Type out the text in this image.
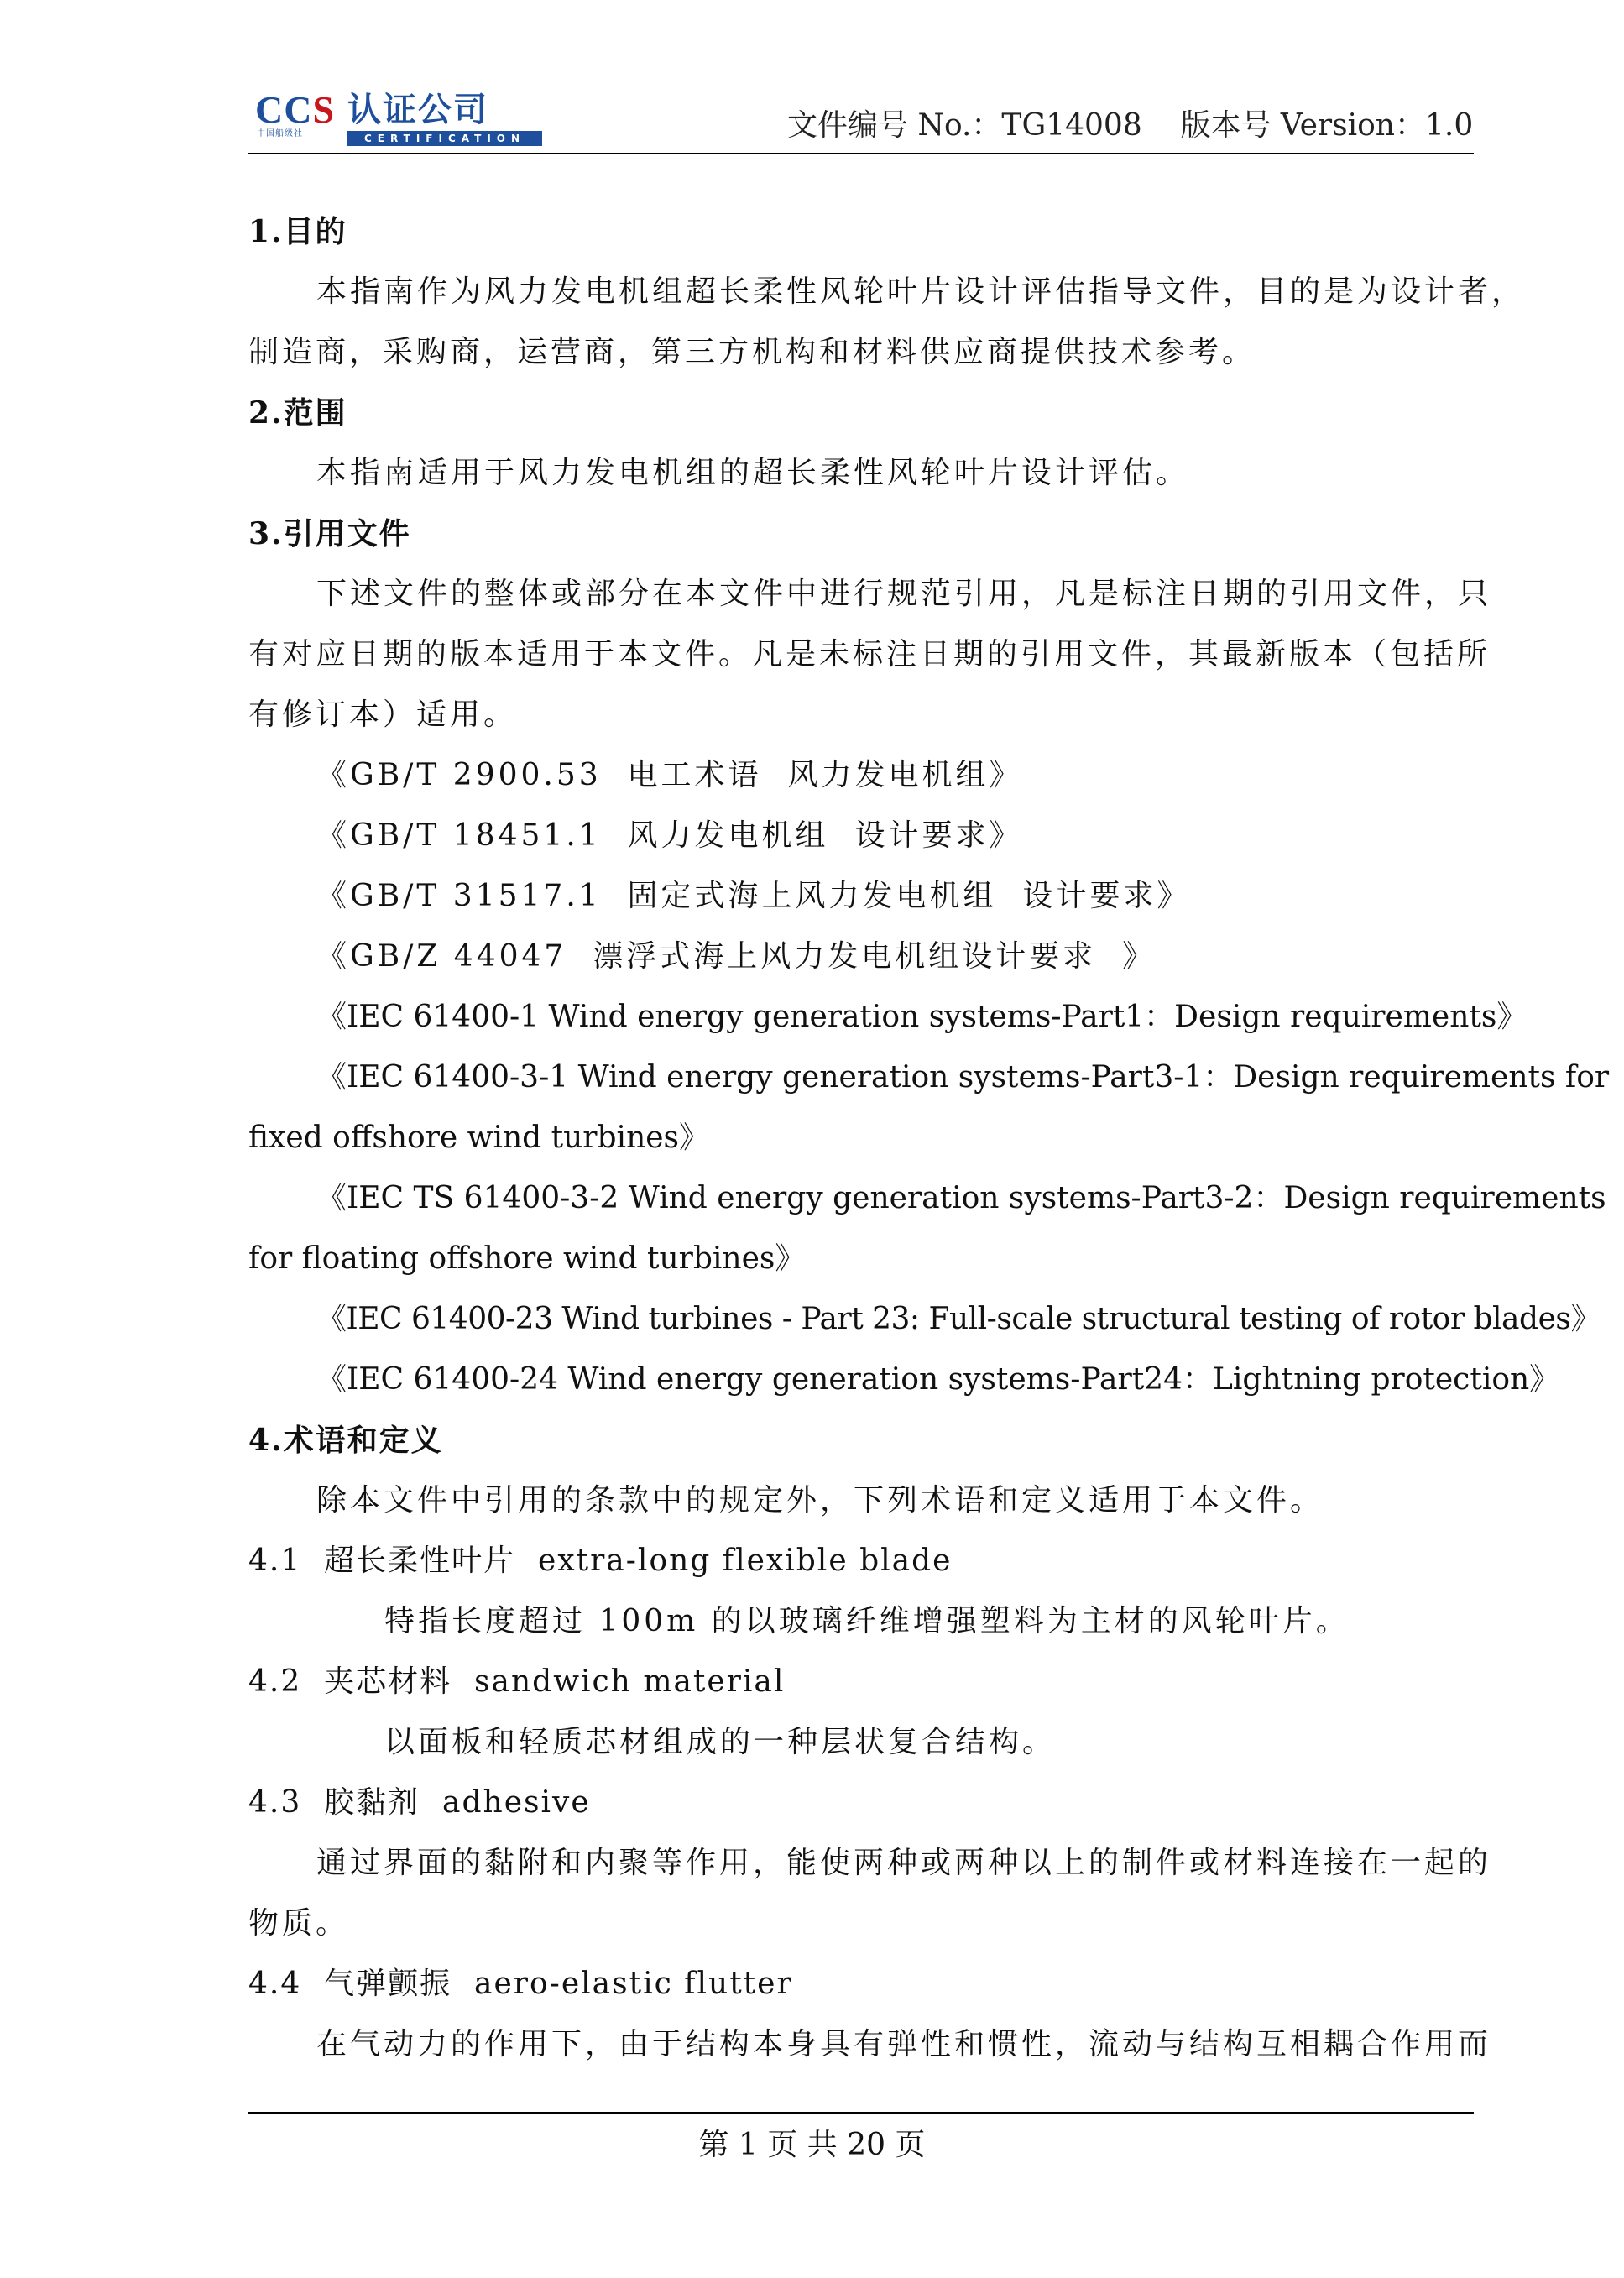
CCS 认证公司
中国船级社	CERTIFICATION	文件编号 No.：TG14008    版本号 Version：1.0
1.目的
本指南作为风力发电机组超长柔性风轮叶片设计评估指导文件，目的是为设计者，
制造商，采购商，运营商，第三方机构和材料供应商提供技术参考。
2.范围
本指南适用于风力发电机组的超长柔性风轮叶片设计评估。
3.引用文件
下述文件的整体或部分在本文件中进行规范引用，凡是标注日期的引用文件，只
有对应日期的版本适用于本文件。凡是未标注日期的引用文件，其最新版本（包括所
有修订本）适用。
《GB/T 2900.53  电工术语  风力发电机组》
《GB/T 18451.1  风力发电机组  设计要求》
《GB/T 31517.1  固定式海上风力发电机组  设计要求》
《GB/Z 44047  漂浮式海上风力发电机组设计要求  》
《IEC 61400-1 Wind energy generation systems-Part1：Design requirements》
《IEC 61400-3-1 Wind energy generation systems-Part3-1：Design requirements for
fixed offshore wind turbines》
《IEC TS 61400-3-2 Wind energy generation systems-Part3-2：Design requirements
for floating offshore wind turbines》
《IEC 61400-23 Wind turbines - Part 23: Full-scale structural testing of rotor blades》
《IEC 61400-24 Wind energy generation systems-Part24：Lightning protection》
4.术语和定义
除本文件中引用的条款中的规定外，下列术语和定义适用于本文件。
4.1  超长柔性叶片  extra-long flexible blade
特指长度超过 100m 的以玻璃纤维增强塑料为主材的风轮叶片。
4.2  夹芯材料  sandwich material
以面板和轻质芯材组成的一种层状复合结构。
4.3  胶黏剂  adhesive
通过界面的黏附和内聚等作用，能使两种或两种以上的制件或材料连接在一起的
物质。
4.4  气弹颤振  aero-elastic flutter
在气动力的作用下，由于结构本身具有弹性和惯性，流动与结构互相耦合作用而
第 1 页 共 20 页
